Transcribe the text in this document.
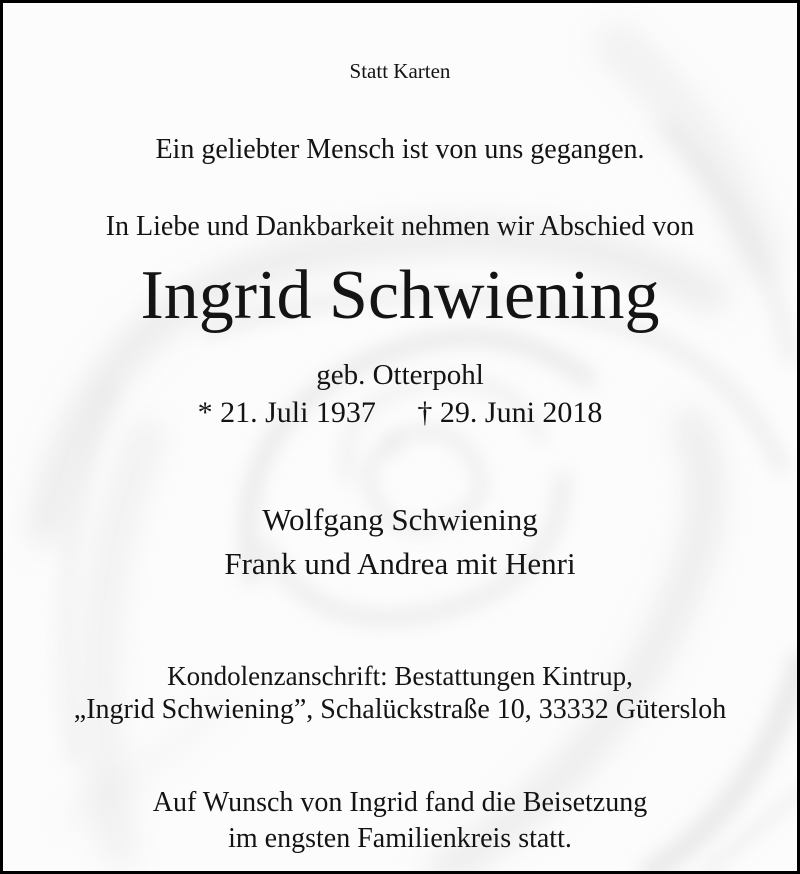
Statt Karten
Ein geliebter Mensch ist von uns gegangen.
In Liebe und Dankbarkeit nehmen wir Abschied von
Ingrid Schwiening
geb. Otterpohl
* 21. Juli 1937 † 29. Juni 2018
Wolfgang Schwiening
Frank und Andrea mit Henri
Kondolenzanschrift: Bestattungen Kintrup,
„Ingrid Schwiening”, Schalückstraße 10, 33332 Gütersloh
Auf Wunsch von Ingrid fand die Beisetzung
im engsten Familienkreis statt.
